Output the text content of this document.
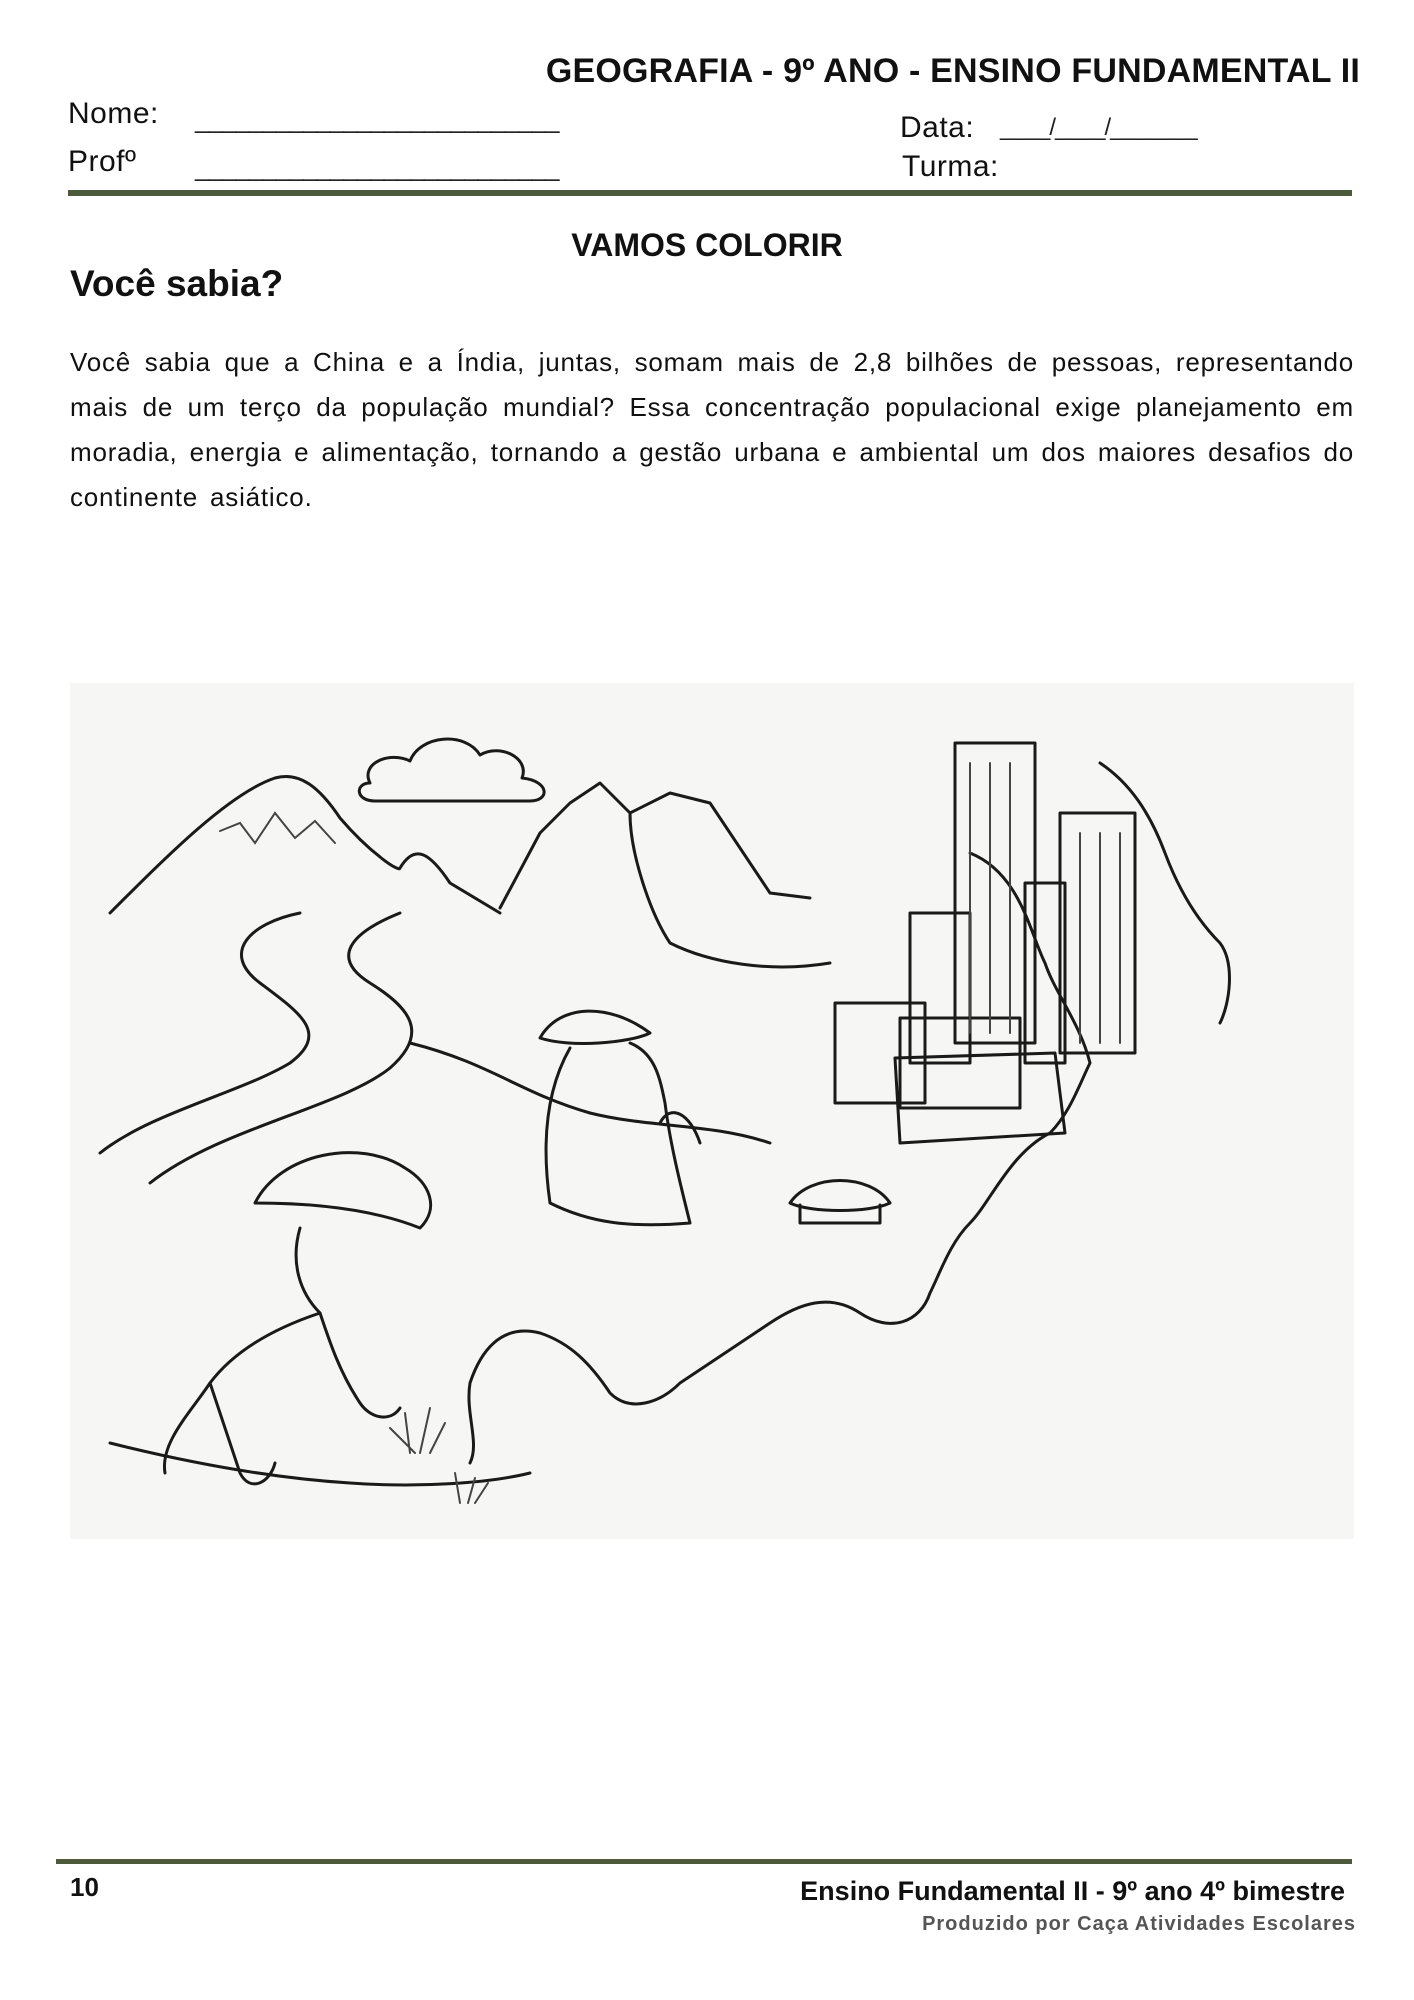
GEOGRAFIA - 9º ANO - ENSINO FUNDAMENTAL II
Nome: ___________________________
Profº ___________________________
Data: ____/____/_______
Turma:
VAMOS COLORIR
Você sabia?
Você sabia que a China e a Índia, juntas, somam mais de 2,8 bilhões de pessoas, representando mais de um terço da população mundial? Essa concentração populacional exige planejamento em moradia, energia e alimentação, tornando a gestão urbana e ambiental um dos maiores desafios do continente asiático.
10	Ensino Fundamental II - 9º ano 4º bimestre
Produzido por Caça Atividades Escolares
